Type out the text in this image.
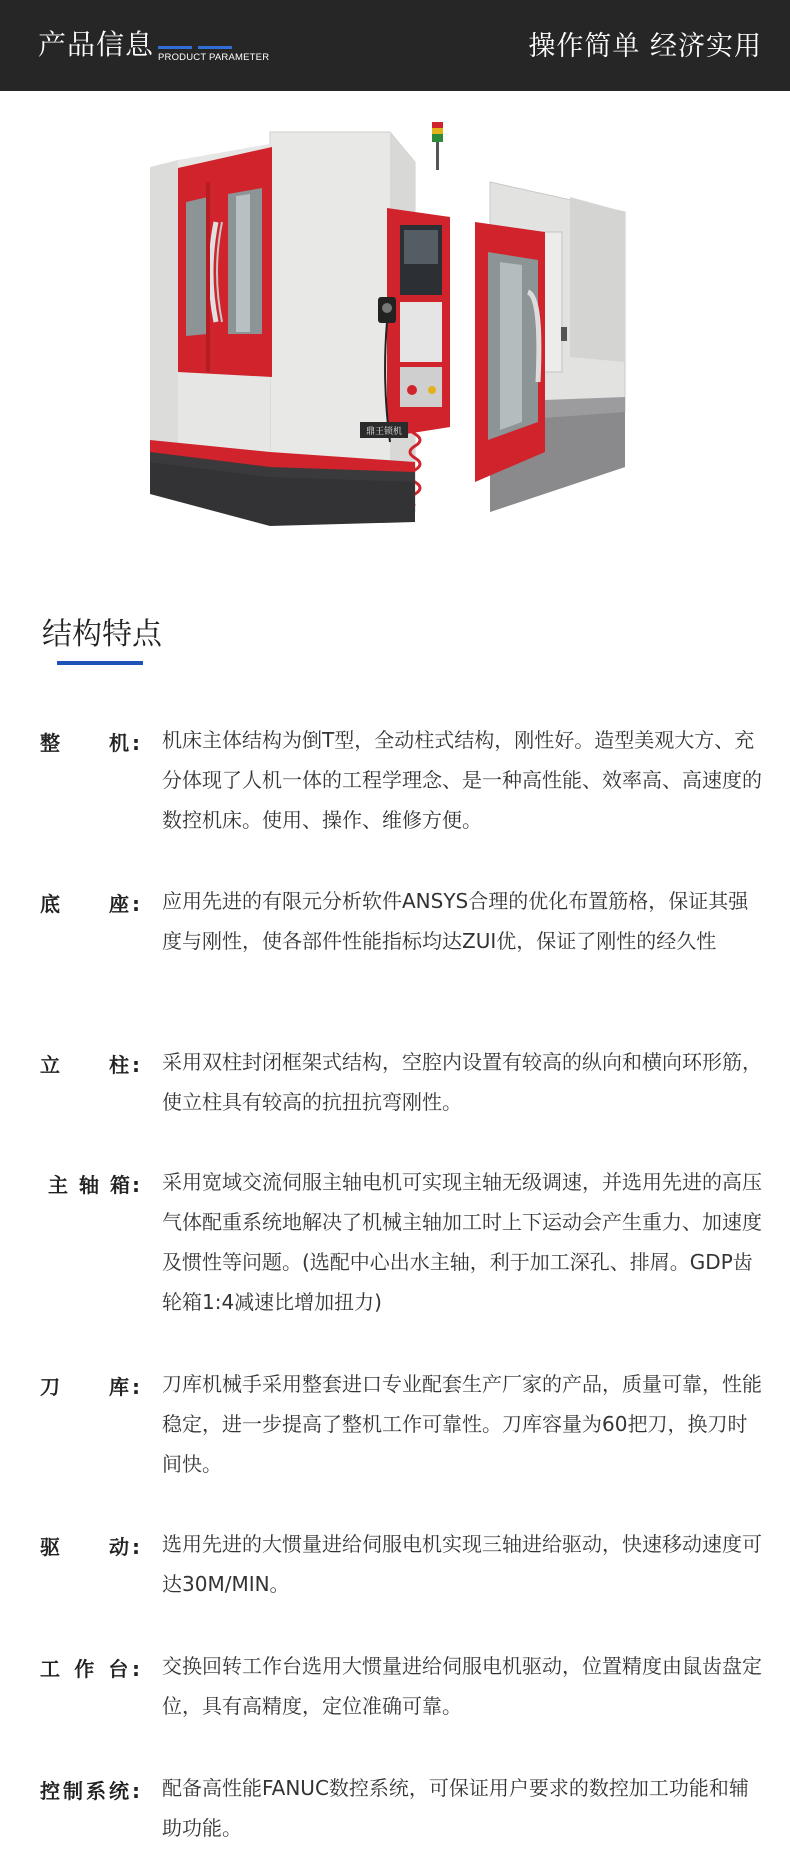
产品信息 PRODUCT PARAMETER	操作简单 经济实用
鼎王锁机
结构特点
整　　机: 机床主体结构为倒T型，全动柱式结构，刚性好。造型美观大方、充分体现了人机一体的工程学理念、是一种高性能、效率高、高速度的数控机床。使用、操作、维修方便。
底　　座: 应用先进的有限元分析软件ANSYS合理的优化布置筋格，保证其强度与刚性，使各部件性能指标均达ZUI优，保证了刚性的经久性
立　　柱: 采用双柱封闭框架式结构，空腔内设置有较高的纵向和横向环形筋，使立柱具有较高的抗扭抗弯刚性。
主 轴 箱: 采用宽域交流伺服主轴电机可实现主轴无级调速，并选用先进的高压气体配重系统地解决了机械主轴加工时上下运动会产生重力、加速度及惯性等问题。(选配中心出水主轴，利于加工深孔、排屑。GDP齿轮箱1:4减速比增加扭力)
刀　　库: 刀库机械手采用整套进口专业配套生产厂家的产品，质量可靠，性能稳定，进一步提高了整机工作可靠性。刀库容量为60把刀，换刀时间快。
驱　　动: 选用先进的大惯量进给伺服电机实现三轴进给驱动，快速移动速度可达30M/MIN。
工 作 台: 交换回转工作台选用大惯量进给伺服电机驱动，位置精度由鼠齿盘定位，具有高精度，定位准确可靠。
控制系统: 配备高性能FANUC数控系统，可保证用户要求的数控加工功能和辅助功能。
